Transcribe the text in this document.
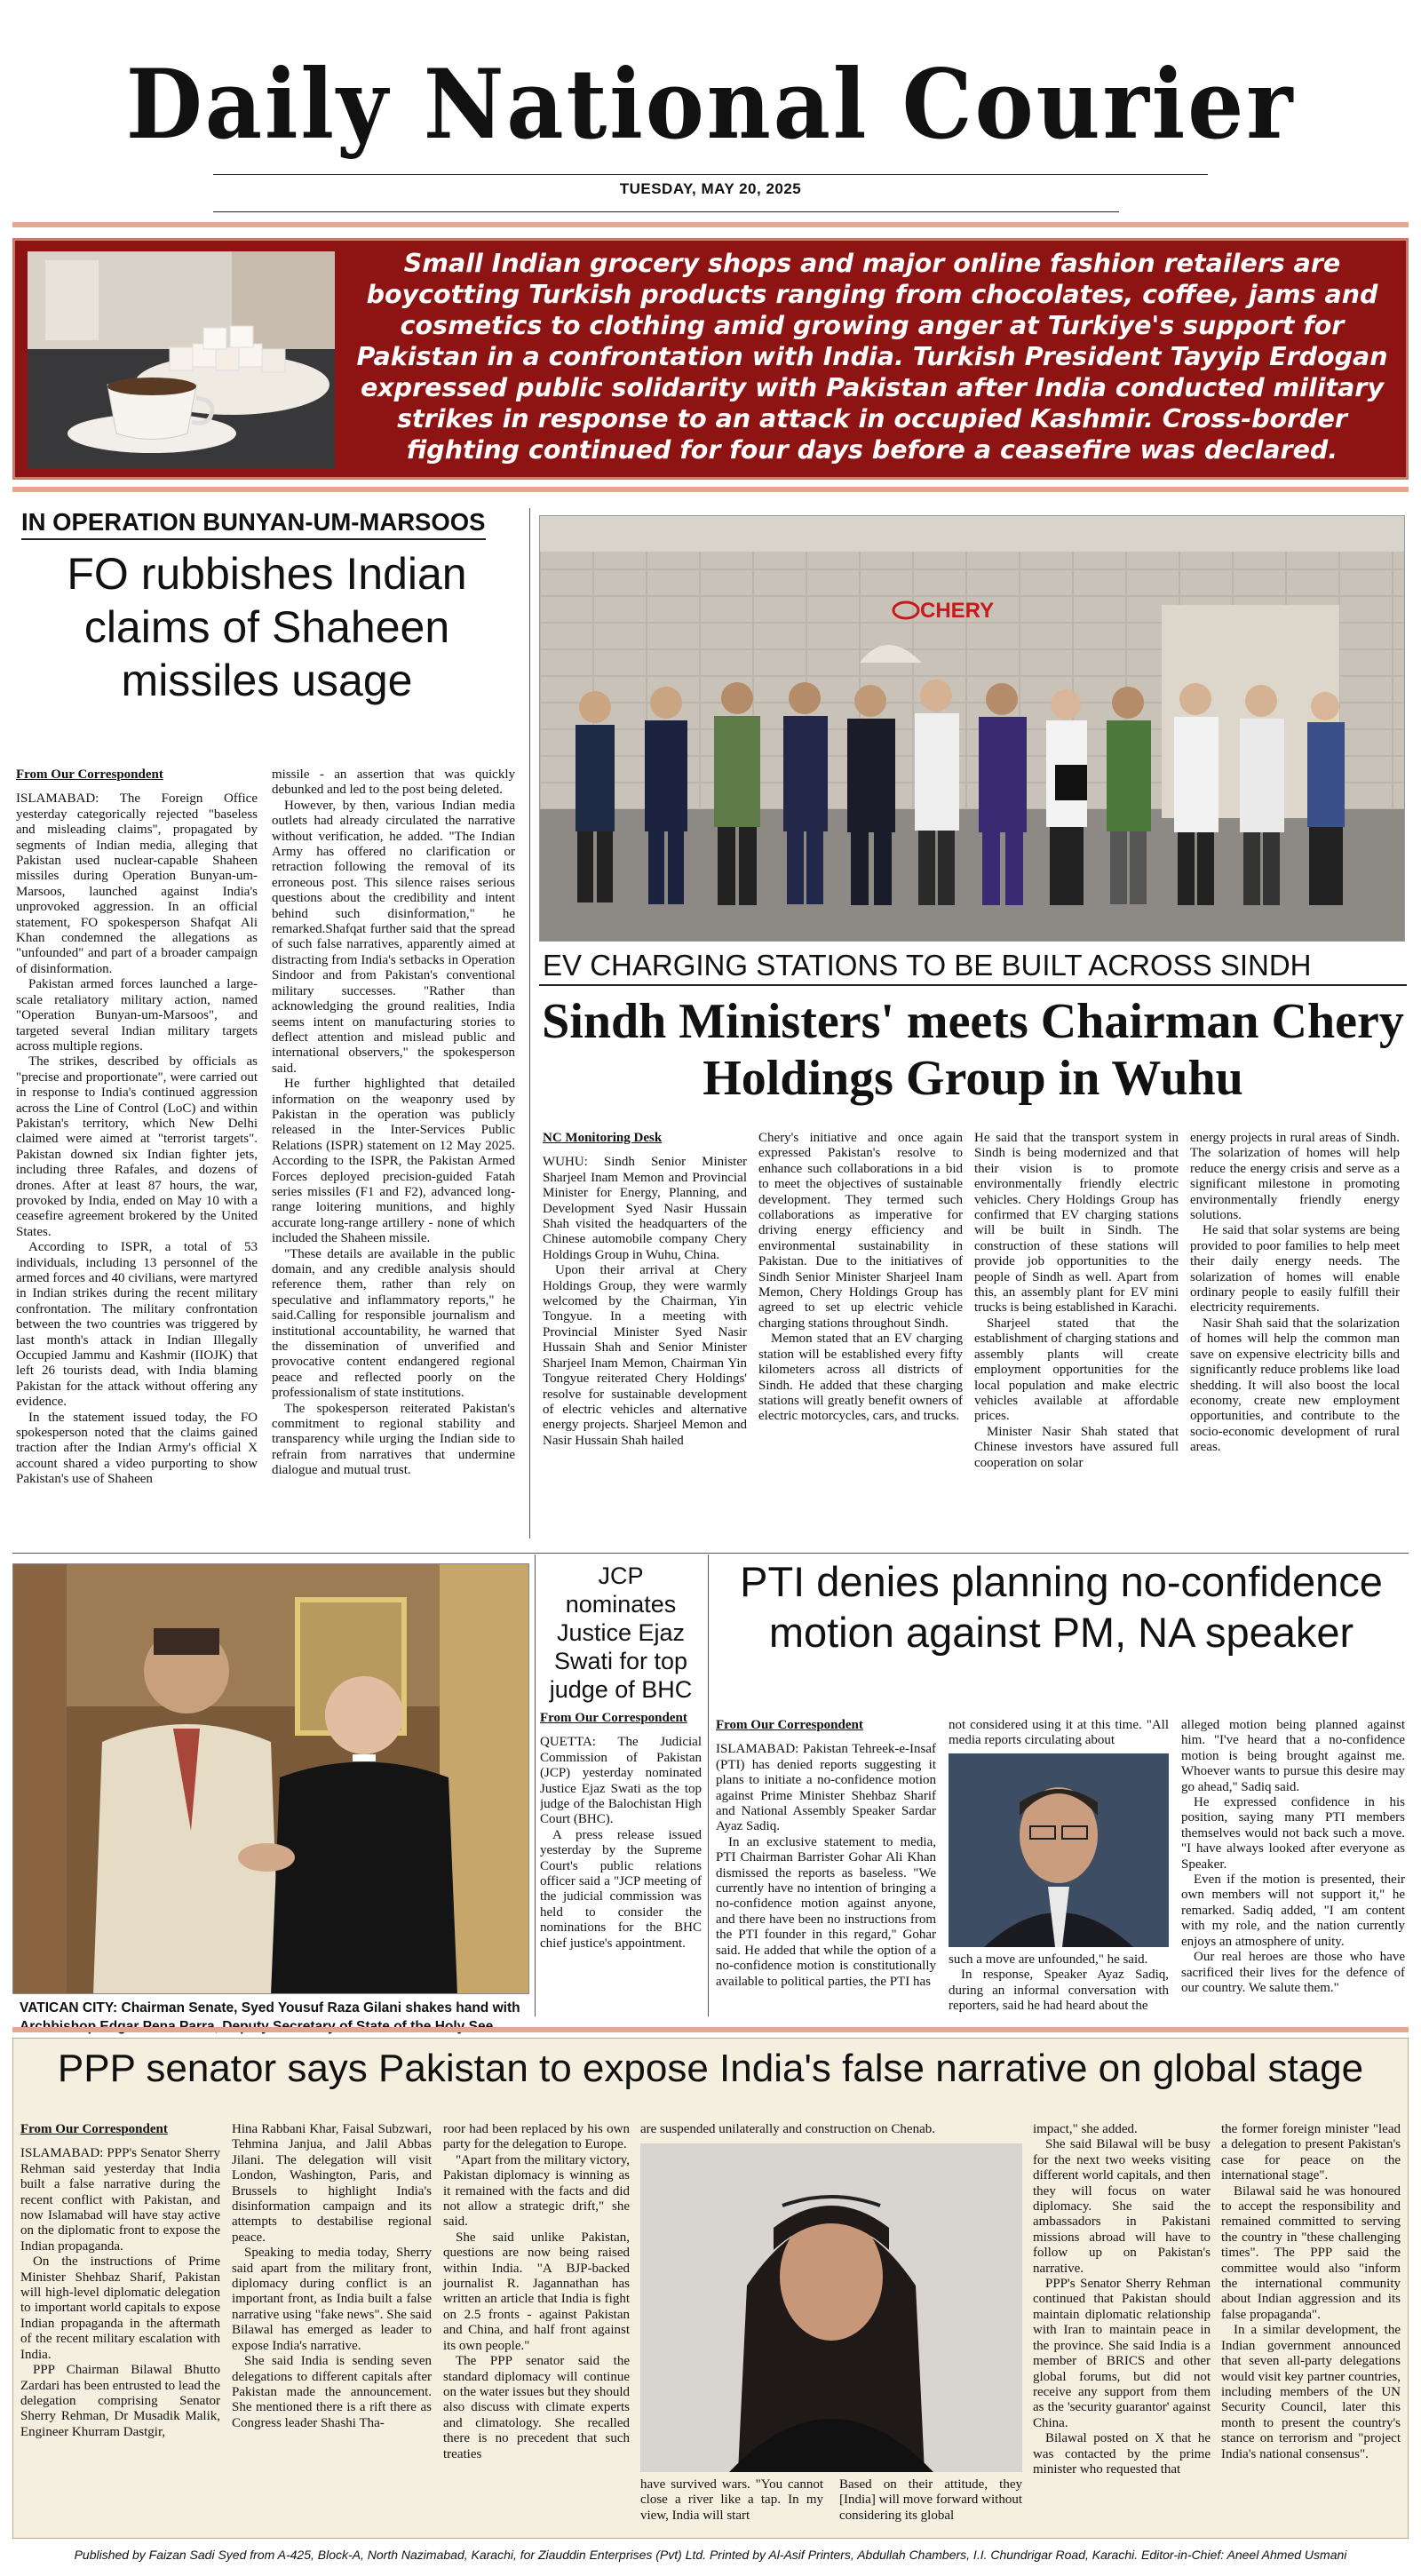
Daily National Courier
TUESDAY, MAY 20, 2025
Small Indian grocery shops and major online fashion retailers are boycotting Turkish products ranging from chocolates, coffee, jams and cosmetics to clothing amid growing anger at Turkiye's support for Pakistan in a confrontation with India. Turkish President Tayyip Erdogan expressed public solidarity with Pakistan after India conducted military strikes in response to an attack in occupied Kashmir. Cross-border fighting continued for four days before a ceasefire was declared.
IN OPERATION BUNYAN-UM-MARSOOS
FO rubbishes Indian claims of Shaheen missiles usage
From Our Correspondent

ISLAMABAD: The Foreign Office yesterday categorically rejected "baseless and misleading claims", propagated by segments of Indian media, alleging that Pakistan used nuclear-capable Shaheen missiles during Operation Bunyan-um-Marsoos, launched against India's unprovoked aggression. In an official statement, FO spokesperson Shafqat Ali Khan condemned the allegations as "unfounded" and part of a broader campaign of disinformation.

Pakistan armed forces launched a large-scale retaliatory military action, named "Operation Bunyan-um-Marsoos", and targeted several Indian military targets across multiple regions.

The strikes, described by officials as "precise and proportionate", were carried out in response to India's continued aggression across the Line of Control (LoC) and within Pakistan's territory, which New Delhi claimed were aimed at "terrorist targets". Pakistan downed six Indian fighter jets, including three Rafales, and dozens of drones. After at least 87 hours, the war, provoked by India, ended on May 10 with a ceasefire agreement brokered by the United States.

According to ISPR, a total of 53 individuals, including 13 personnel of the armed forces and 40 civilians, were martyred in Indian strikes during the recent military confrontation. The military confrontation between the two countries was triggered by last month's attack in Indian Illegally Occupied Jammu and Kashmir (IIOJK) that left 26 tourists dead, with India blaming Pakistan for the attack without offering any evidence.

In the statement issued today, the FO spokesperson noted that the claims gained traction after the Indian Army's official X account shared a video purporting to show Pakistan's use of Shaheen

missile - an assertion that was quickly debunked and led to the post being deleted.

However, by then, various Indian media outlets had already circulated the narrative without verification, he added. "The Indian Army has offered no clarification or retraction following the removal of its erroneous post. This silence raises serious questions about the credibility and intent behind such disinformation," he remarked.Shafqat further said that the spread of such false narratives, apparently aimed at distracting from India's setbacks in Operation Sindoor and from Pakistan's conventional military successes. "Rather than acknowledging the ground realities, India seems intent on manufacturing stories to deflect attention and mislead public and international observers," the spokesperson said.

He further highlighted that detailed information on the weaponry used by Pakistan in the operation was publicly released in the Inter-Services Public Relations (ISPR) statement on 12 May 2025. According to the ISPR, the Pakistan Armed Forces deployed precision-guided Fatah series missiles (F1 and F2), advanced long-range loitering munitions, and highly accurate long-range artillery - none of which included the Shaheen missile.

"These details are available in the public domain, and any credible analysis should reference them, rather than rely on speculative and inflammatory reports," he said.Calling for responsible journalism and institutional accountability, he warned that the dissemination of unverified and provocative content endangered regional peace and reflected poorly on the professionalism of state institutions.

The spokesperson reiterated Pakistan's commitment to regional stability and transparency while urging the Indian side to refrain from narratives that undermine dialogue and mutual trust.

CHERY
EV CHARGING STATIONS TO BE BUILT ACROSS SINDH
Sindh Ministers' meets Chairman Chery Holdings Group in Wuhu
NC Monitoring Desk

WUHU: Sindh Senior Minister Sharjeel Inam Memon and Provincial Minister for Energy, Planning, and Development Syed Nasir Hussain Shah visited the headquarters of the Chinese automobile company Chery Holdings Group in Wuhu, China.

Upon their arrival at Chery Holdings Group, they were warmly welcomed by the Chairman, Yin Tongyue. In a meeting with Provincial Minister Syed Nasir Hussain Shah and Senior Minister Sharjeel Inam Memon, Chairman Yin Tongyue reiterated Chery Holdings' resolve for sustainable development of electric vehicles and alternative energy projects. Sharjeel Memon and Nasir Hussain Shah hailed

Chery's initiative and once again expressed Pakistan's resolve to enhance such collaborations in a bid to meet the objectives of sustainable development. They termed such collaborations as imperative for driving energy efficiency and environmental sustainability in Pakistan. Due to the initiatives of Sindh Senior Minister Sharjeel Inam Memon, Chery Holdings Group has agreed to set up electric vehicle charging stations throughout Sindh.

Memon stated that an EV charging station will be established every fifty kilometers across all districts of Sindh. He added that these charging stations will greatly benefit owners of electric motorcycles, cars, and trucks.

He said that the transport system in Sindh is being modernized and that their vision is to promote environmentally friendly electric vehicles. Chery Holdings Group has confirmed that EV charging stations will be built in Sindh. The construction of these stations will provide job opportunities to the people of Sindh as well. Apart from this, an assembly plant for EV mini trucks is being established in Karachi.

Sharjeel stated that the establishment of charging stations and assembly plants will create employment opportunities for the local population and make electric vehicles available at affordable prices.

Minister Nasir Shah stated that Chinese investors have assured full cooperation on solar

energy projects in rural areas of Sindh. The solarization of homes will help reduce the energy crisis and serve as a significant milestone in promoting environmentally friendly energy solutions.

He said that solar systems are being provided to poor families to help meet their daily energy needs. The solarization of homes will enable ordinary people to easily fulfill their electricity requirements.

Nasir Shah said that the solarization of homes will help the common man save on expensive electricity bills and significantly reduce problems like load shedding. It will also boost the local economy, create new employment opportunities, and contribute to the socio-economic development of rural areas.

VATICAN CITY: Chairman Senate, Syed Yousuf Raza Gilani shakes hand with
JCP nominates Justice Ejaz Swati for top judge of BHC
From Our Correspondent

QUETTA: The Judicial Commission of Pakistan (JCP) yesterday nominated Justice Ejaz Swati as the top judge of the Balochistan High Court (BHC).

A press release issued yesterday by the Supreme Court's public relations officer said a "JCP meeting of the judicial commission was held to consider the nominations for the BHC chief justice's appointment.

PTI denies planning no-confidence motion against PM, NA speaker
From Our Correspondent

ISLAMABAD: Pakistan Tehreek-e-Insaf (PTI) has denied reports suggesting it plans to initiate a no-confidence motion against Prime Minister Shehbaz Sharif and National Assembly Speaker Sardar Ayaz Sadiq.

In an exclusive statement to media, PTI Chairman Barrister Gohar Ali Khan dismissed the reports as baseless. "We currently have no intention of bringing a no-confidence motion against anyone, and there have been no instructions from the PTI founder in this regard," Gohar said. He added that while the option of a no-confidence motion is constitutionally available to political parties, the PTI has

not considered using it at this time. "All media reports circulating about

such a move are unfounded," he said.

In response, Speaker Ayaz Sadiq, during an informal conversation with reporters, said he had heard about the

alleged motion being planned against him. "I've heard that a no-confidence motion is being brought against me. Whoever wants to pursue this desire may go ahead," Sadiq said.

He expressed confidence in his position, saying many PTI members themselves would not back such a move. "I have always looked after everyone as Speaker.

Even if the motion is presented, their own members will not support it," he remarked. Sadiq added, "I am content with my role, and the nation currently enjoys an atmosphere of unity.

Our real heroes are those who have sacrificed their lives for the defence of our country. We salute them."

PPP senator says Pakistan to expose India's false narrative on global stage
From Our Correspondent

ISLAMABAD: PPP's Senator Sherry Rehman said yesterday that India built a false narrative during the recent conflict with Pakistan, and now Islamabad will have stay active on the diplomatic front to expose the Indian propaganda.

On the instructions of Prime Minister Shehbaz Sharif, Pakistan will high-level diplomatic delegation to important world capitals to expose Indian propaganda in the aftermath of the recent military escalation with India.

PPP Chairman Bilawal Bhutto Zardari has been entrusted to lead the delegation comprising Senator Sherry Rehman, Dr Musadik Malik, Engineer Khurram Dastgir,

Hina Rabbani Khar, Faisal Subzwari, Tehmina Janjua, and Jalil Abbas Jilani. The delegation will visit London, Washington, Paris, and Brussels to highlight India's disinformation campaign and its attempts to destabilise regional peace.

Speaking to media today, Sherry said apart from the military front, diplomacy during conflict is an important front, as India built a false narrative using "fake news". She said Bilawal has emerged as leader to expose India's narrative.

She said India is sending seven delegations to different capitals after Pakistan made the announcement. She mentioned there is a rift there as Congress leader Shashi Tha-

roor had been replaced by his own party for the delegation to Europe.

"Apart from the military victory, Pakistan diplomacy is winning as it remained with the facts and did not allow a strategic drift," she said.

She said unlike Pakistan, questions are now being raised within India. "A BJP-backed journalist R. Jagannathan has written an article that India is fight on 2.5 fronts - against Pakistan and China, and half front against its own people."

The PPP senator said the standard diplomacy will continue on the water issues but they should also discuss with climate experts and climatology. She recalled there is no precedent that such treaties

are suspended unilaterally and construction on Chenab.

have survived wars. "You cannot close a river like a tap. In my view, India will start

Based on their attitude, they [India] will move forward without considering its global

impact," she added.

She said Bilawal will be busy for the next two weeks visiting different world capitals, and then they will focus on water diplomacy. She said the ambassadors in Pakistani missions abroad will have to follow up on Pakistan's narrative.

PPP's Senator Sherry Rehman continued that Pakistan should maintain diplomatic relationship with Iran to maintain peace in the province. She said India is a member of BRICS and other global forums, but did not receive any support from them as the 'security guarantor' against China.

Bilawal posted on X that he was contacted by the prime minister who requested that

the former foreign minister "lead a delegation to present Pakistan's case for peace on the international stage".

Bilawal said he was honoured to accept the responsibility and remained committed to serving the country in "these challenging times". The PPP said the committee would also "inform the international community about Indian aggression and its false propaganda".

In a similar development, the Indian government announced that seven all-party delegations would visit key partner countries, including members of the UN Security Council, later this month to present the country's stance on terrorism and "project India's national consensus".

Published by Faizan Sadi Syed from A-425, Block-A, North Nazimabad, Karachi, for Ziauddin Enterprises (Pvt) Ltd. Printed by Al-Asif Printers, Abdullah Chambers, I.I. Chundrigar Road, Karachi. Editor-in-Chief: Aneel Ahmed Usmani
